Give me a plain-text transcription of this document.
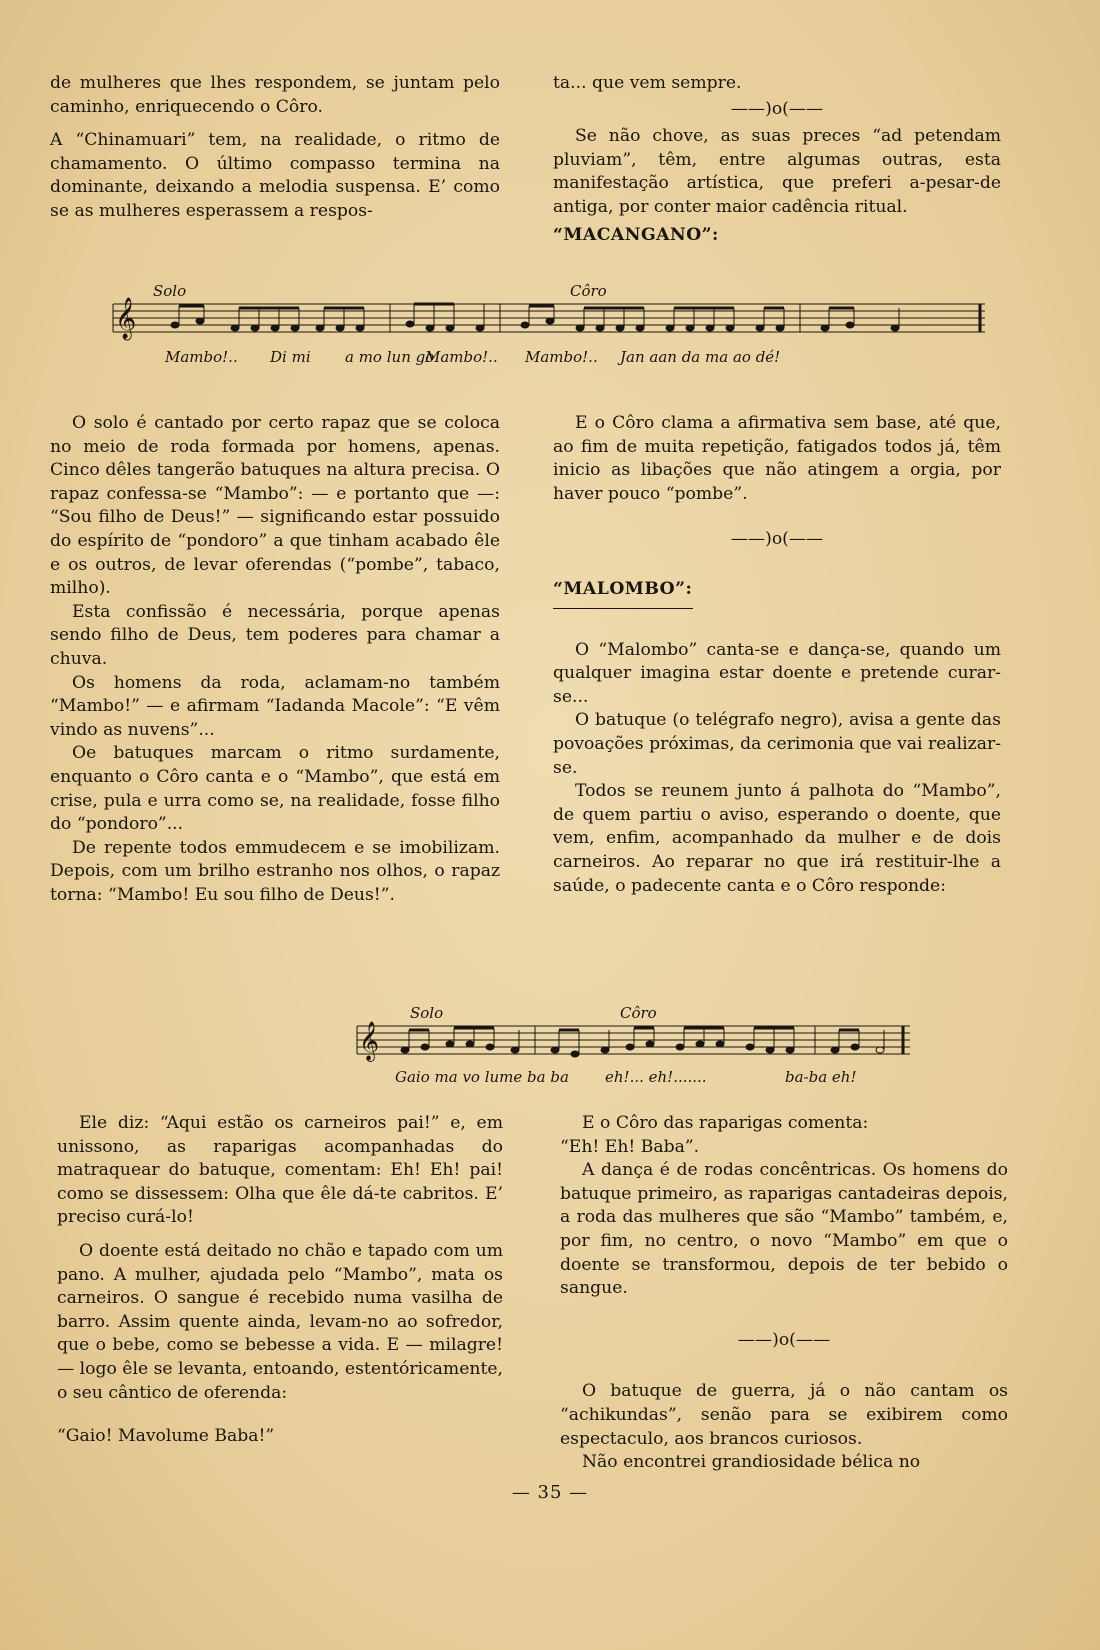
de mulheres que lhes respondem, se juntam pelo caminho, enriquecendo o Côro.

A “Chinamuari” tem, na realidade, o ritmo de chamamento. O último compasso termina na dominante, deixando a melodia suspensa. E’ como se as mulheres esperassem a respos-

ta... que vem sempre.

——)o(——

Se não chove, as suas preces “ad petendam pluviam”, têm, entre algumas outras, esta manifestação artística, que preferi a-pesar-de antiga, por conter maior cadência ritual.

“MACANGANO”:
Solo	Côro
𝄞
Mambo!.. Di mi a mo lun go
Mambo!.. Mambo!.. Jan aan da ma ao dé!

O solo é cantado por certo rapaz que se coloca no meio de roda formada por homens, apenas. Cinco dêles tangerão batuques na altura precisa. O rapaz confessa-se “Mambo”: — e portanto que —: “Sou filho de Deus!” — significando estar possuido do espírito de “pondoro” a que tinham acabado êle e os outros, de levar oferendas (“pombe”, tabaco, milho).

Esta confissão é necessária, porque apenas sendo filho de Deus, tem poderes para chamar a chuva.

Os homens da roda, aclamam-no também “Mambo!” — e afirmam “Iadanda Macole”: “E vêm vindo as nuvens”...

Oe batuques marcam o ritmo surdamente, enquanto o Côro canta e o “Mambo”, que está em crise, pula e urra como se, na realidade, fosse filho do “pondoro”...

De repente todos emmudecem e se imobilizam. Depois, com um brilho estranho nos olhos, o rapaz torna: “Mambo! Eu sou filho de Deus!”.

E o Côro clama a afirmativa sem base, até que, ao fim de muita repetição, fatigados todos já, têm inicio as libações que não atingem a orgia, por haver pouco “pombe”.

——)o(——
“MALOMBO”:

O “Malombo” canta-se e dança-se, quando um qualquer imagina estar doente e pretende curar-se...

O batuque (o telégrafo negro), avisa a gente das povoações próximas, da cerimonia que vai realizar-se.

Todos se reunem junto á palhota do “Mambo”, de quem partiu o aviso, esperando o doente, que vem, enfim, acompanhado da mulher e de dois carneiros. Ao reparar no que irá restituir-lhe a saúde, o padecente canta e o Côro responde:

Solo	Côro
𝄞
Gaio ma vo lume ba ba eh!... eh!.......	ba-ba eh!

Ele diz: “Aqui estão os carneiros pai!” e, em unissono, as raparigas acompanhadas do matraquear do batuque, comentam: Eh! Eh! pai! como se dissessem: Olha que êle dá-te cabritos. E’ preciso curá-lo!

O doente está deitado no chão e tapado com um pano. A mulher, ajudada pelo “Mambo”, mata os carneiros. O sangue é recebido numa vasilha de barro. Assim quente ainda, levam-no ao sofredor, que o bebe, como se bebesse a vida. E — milagre! — logo êle se levanta, entoando, estentóricamente, o seu cântico de oferenda:

“Gaio! Mavolume Baba!”

E o Côro das raparigas comenta:

“Eh! Eh! Baba”.

A dança é de rodas concêntricas. Os homens do batuque primeiro, as raparigas cantadeiras depois, a roda das mulheres que são “Mambo” também, e, por fim, no centro, o novo “Mambo” em que o doente se transformou, depois de ter bebido o sangue.

——)o(——

O batuque de guerra, já o não cantam os “achikundas”, senão para se exibirem como espectaculo, aos brancos curiosos.

Não encontrei grandiosidade bélica no

— 35 —
